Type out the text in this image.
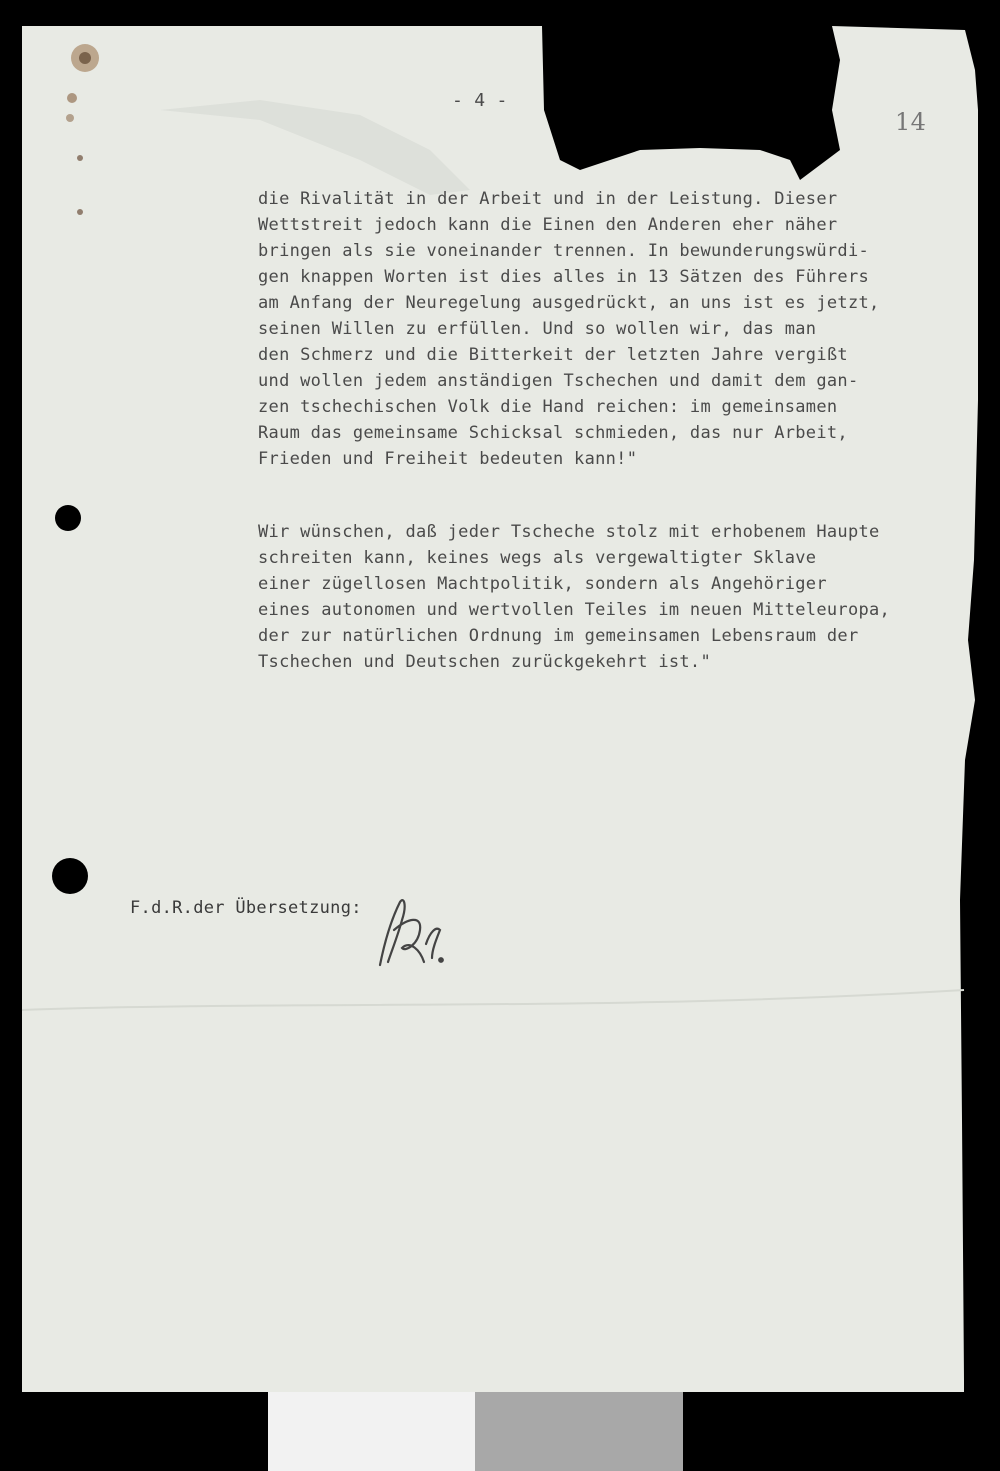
- 4 -
14
die Rivalität in der Arbeit und in der Leistung. Dieser
Wettstreit jedoch kann die Einen den Anderen eher näher
bringen als sie voneinander trennen. In bewunderungswürdi-
gen knappen Worten ist dies alles in 13 Sätzen des Führers
am Anfang der Neuregelung ausgedrückt, an uns ist es jetzt,
seinen Willen zu erfüllen. Und so wollen wir, das man
den Schmerz und die Bitterkeit der letzten Jahre vergißt
und wollen jedem anständigen Tschechen und damit dem gan-
zen tschechischen Volk die Hand reichen: im gemeinsamen
Raum das gemeinsame Schicksal schmieden, das nur Arbeit,
Frieden und Freiheit bedeuten kann!"
Wir wünschen, daß jeder Tscheche stolz mit erhobenem Haupte
schreiten kann, keines wegs als vergewaltigter Sklave
einer zügellosen Machtpolitik, sondern als Angehöriger
eines autonomen und wertvollen Teiles im neuen Mitteleuropa,
der zur natürlichen Ordnung im gemeinsamen Lebensraum der
Tschechen und Deutschen zurückgekehrt ist."
F.d.R.der Übersetzung:
